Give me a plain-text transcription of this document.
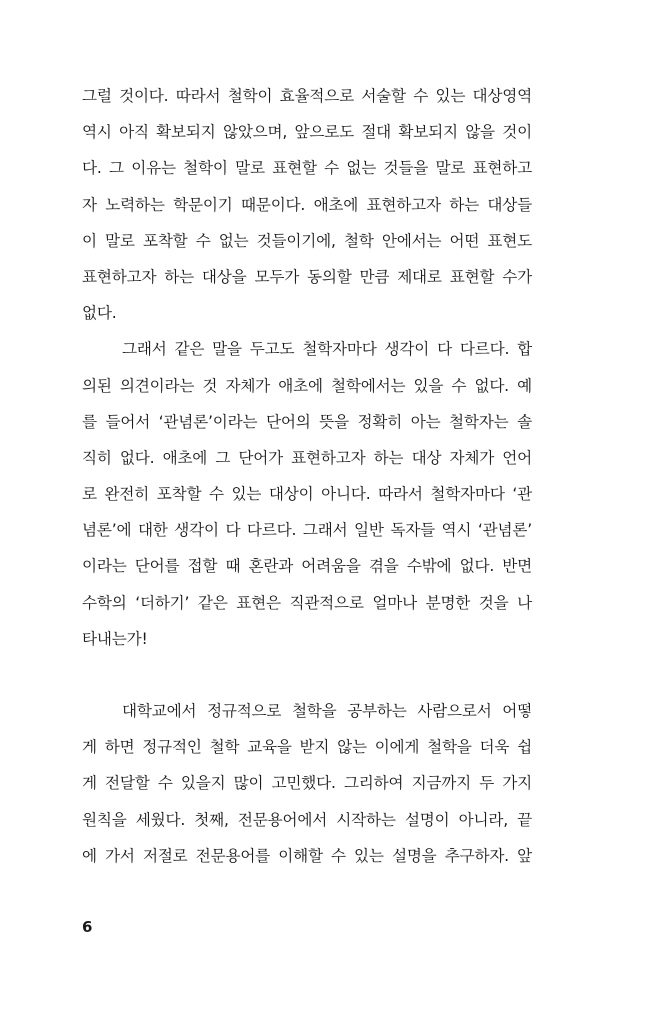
그럴 것이다. 따라서 철학이 효율적으로 서술할 수 있는 대상영역
역시 아직 확보되지 않았으며, 앞으로도 절대 확보되지 않을 것이
다. 그 이유는 철학이 말로 표현할 수 없는 것들을 말로 표현하고
자 노력하는 학문이기 때문이다. 애초에 표현하고자 하는 대상들
이 말로 포착할 수 없는 것들이기에, 철학 안에서는 어떤 표현도
표현하고자 하는 대상을 모두가 동의할 만큼 제대로 표현할 수가
없다.
그래서 같은 말을 두고도 철학자마다 생각이 다 다르다. 합
의된 의견이라는 것 자체가 애초에 철학에서는 있을 수 없다. 예
를 들어서 ‘관념론’이라는 단어의 뜻을 정확히 아는 철학자는 솔
직히 없다. 애초에 그 단어가 표현하고자 하는 대상 자체가 언어
로 완전히 포착할 수 있는 대상이 아니다. 따라서 철학자마다 ‘관
념론’에 대한 생각이 다 다르다. 그래서 일반 독자들 역시 ‘관념론’
이라는 단어를 접할 때 혼란과 어려움을 겪을 수밖에 없다. 반면
수학의 ‘더하기’ 같은 표현은 직관적으로 얼마나 분명한 것을 나
타내는가!
대학교에서 정규적으로 철학을 공부하는 사람으로서 어떻
게 하면 정규적인 철학 교육을 받지 않는 이에게 철학을 더욱 쉽
게 전달할 수 있을지 많이 고민했다. 그리하여 지금까지 두 가지
원칙을 세웠다. 첫째, 전문용어에서 시작하는 설명이 아니라, 끝
에 가서 저절로 전문용어를 이해할 수 있는 설명을 추구하자. 앞
6
